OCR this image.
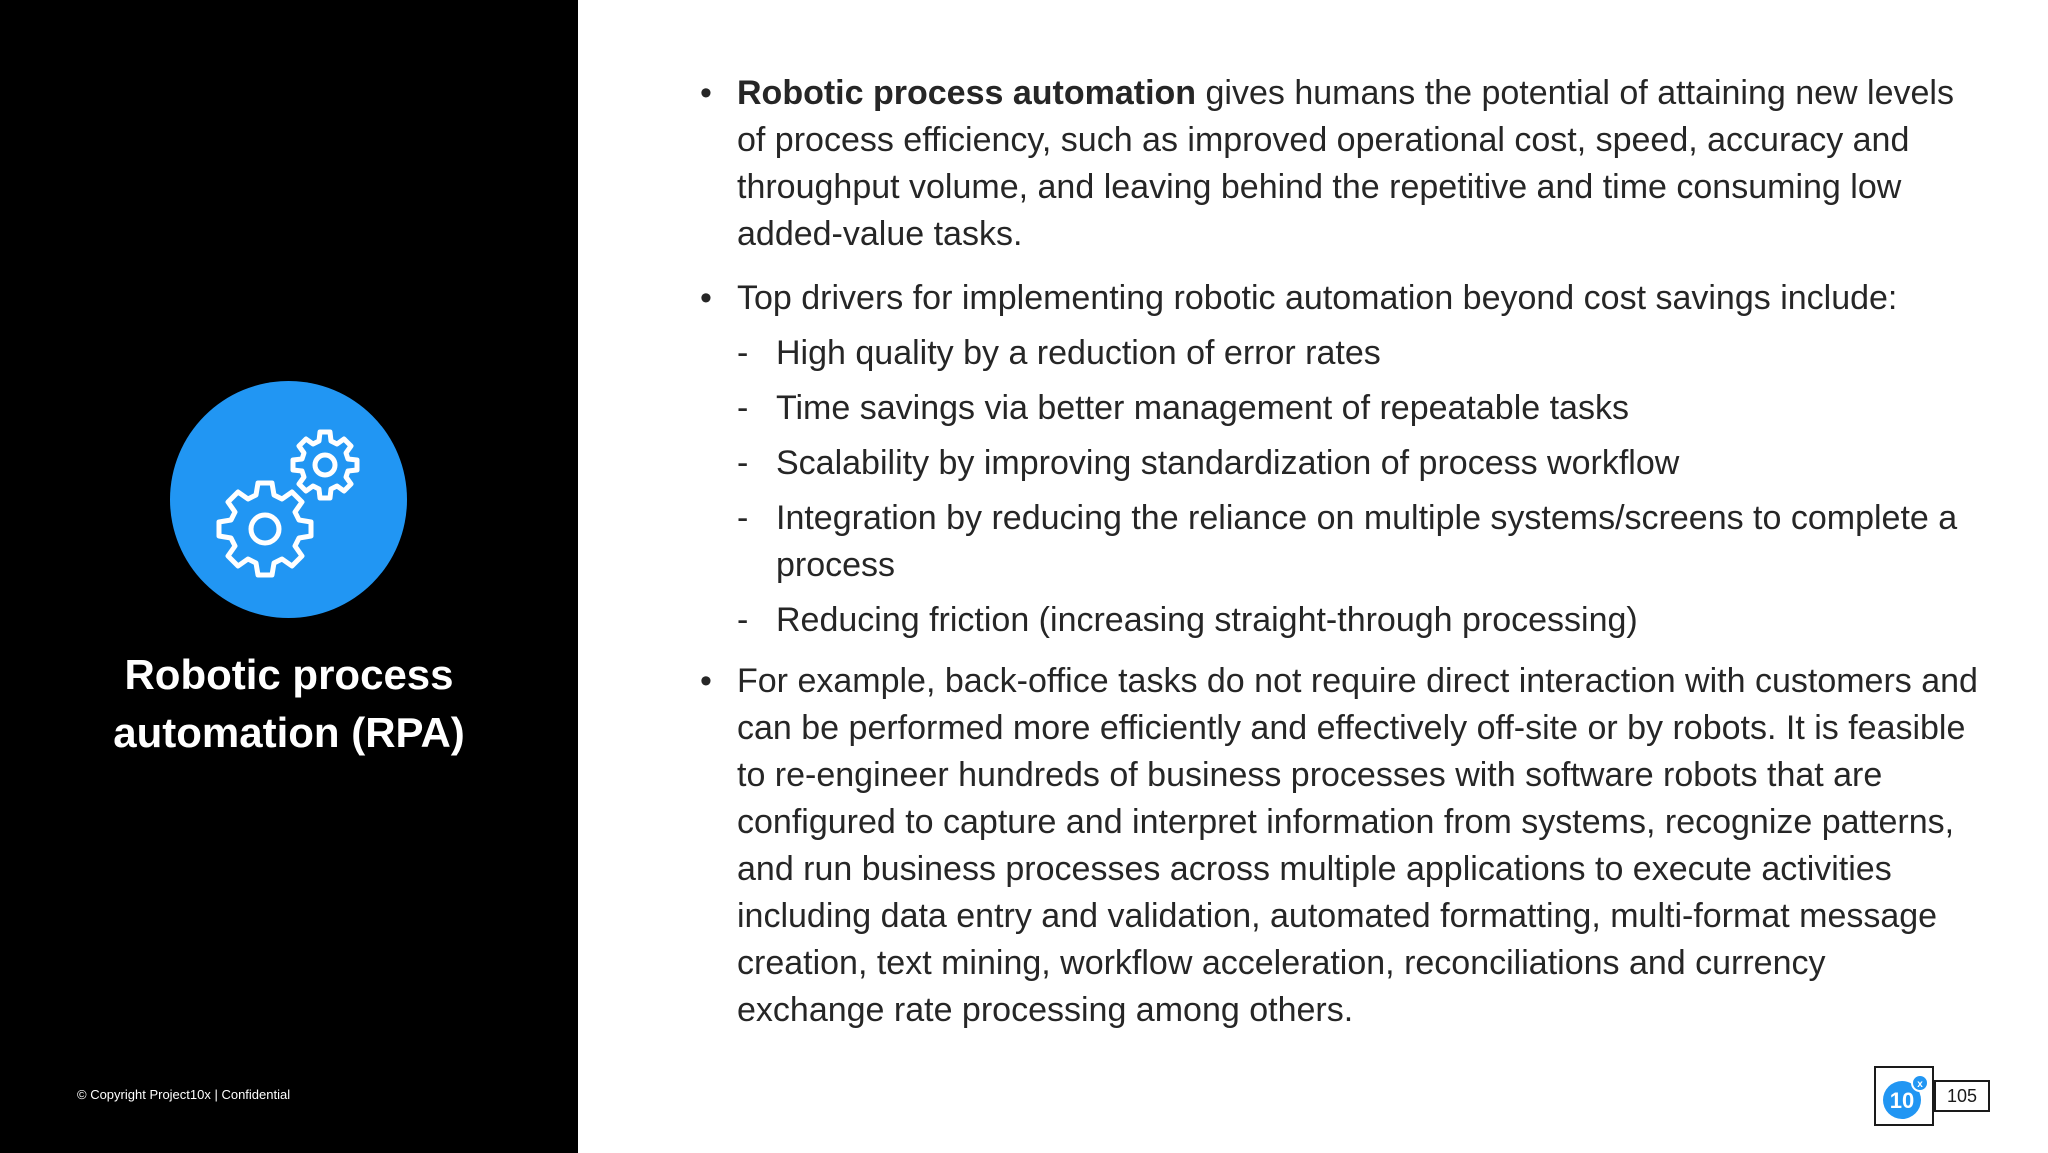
Robotic process
automation (RPA)
© Copyright Project10x | Confidential
• Robotic process automation gives humans the potential of attaining new levels of process efficiency, such as improved operational cost, speed, accuracy and throughput volume, and leaving behind the repetitive and time consuming low added-value tasks.
• Top drivers for implementing robotic automation beyond cost savings include:
- High quality by a reduction of error rates
- Time savings via better management of repeatable tasks
- Scalability by improving standardization of process workflow
- Integration by reducing the reliance on multiple systems/screens to complete a process
- Reducing friction (increasing straight-through processing)
• For example, back-office tasks do not require direct interaction with customers and can be performed more efficiently and effectively off-site or by robots. It is feasible to re-engineer hundreds of business processes with software robots that are configured to capture and interpret information from systems, recognize patterns, and run business processes across multiple applications to execute activities including data entry and validation, automated formatting, multi-format message creation, text mining, workflow acceleration, reconciliations and currency exchange rate processing among others.
10
x
105
